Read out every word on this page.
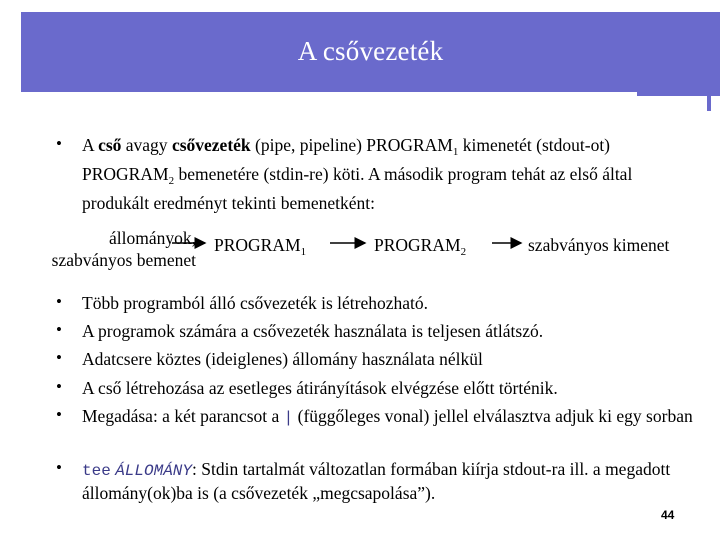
A csővezeték
• A cső avagy csővezeték (pipe, pipeline) $PROGRAM_1$ kimenetét (stdout-ot) $PROGRAM_2$ bemenetére (stdin-re) köti. A második program tehát az első által produkált eredményt tekinti bemenetként:
állományok,
szabványos bemenet
$PROGRAM_1$	$PROGRAM_2$	szabványos kimenet
• Több programból álló csővezeték is létrehozható.
• A programok számára a csővezeték használata is teljesen átlátszó.
• Adatcsere köztes (ideiglenes) állomány használata nélkül
• A cső létrehozása az esetleges átirányítások elvégzése előtt történik.
• Megadása: a két parancsot a | (függőleges vonal) jellel elválasztva adjuk ki egy sorban
• tee ÁLLOMÁNY: Stdin tartalmát változatlan formában kiírja stdout-ra ill. a megadott állomány(ok)ba is (a csővezeték „megcsapolása”).
44
